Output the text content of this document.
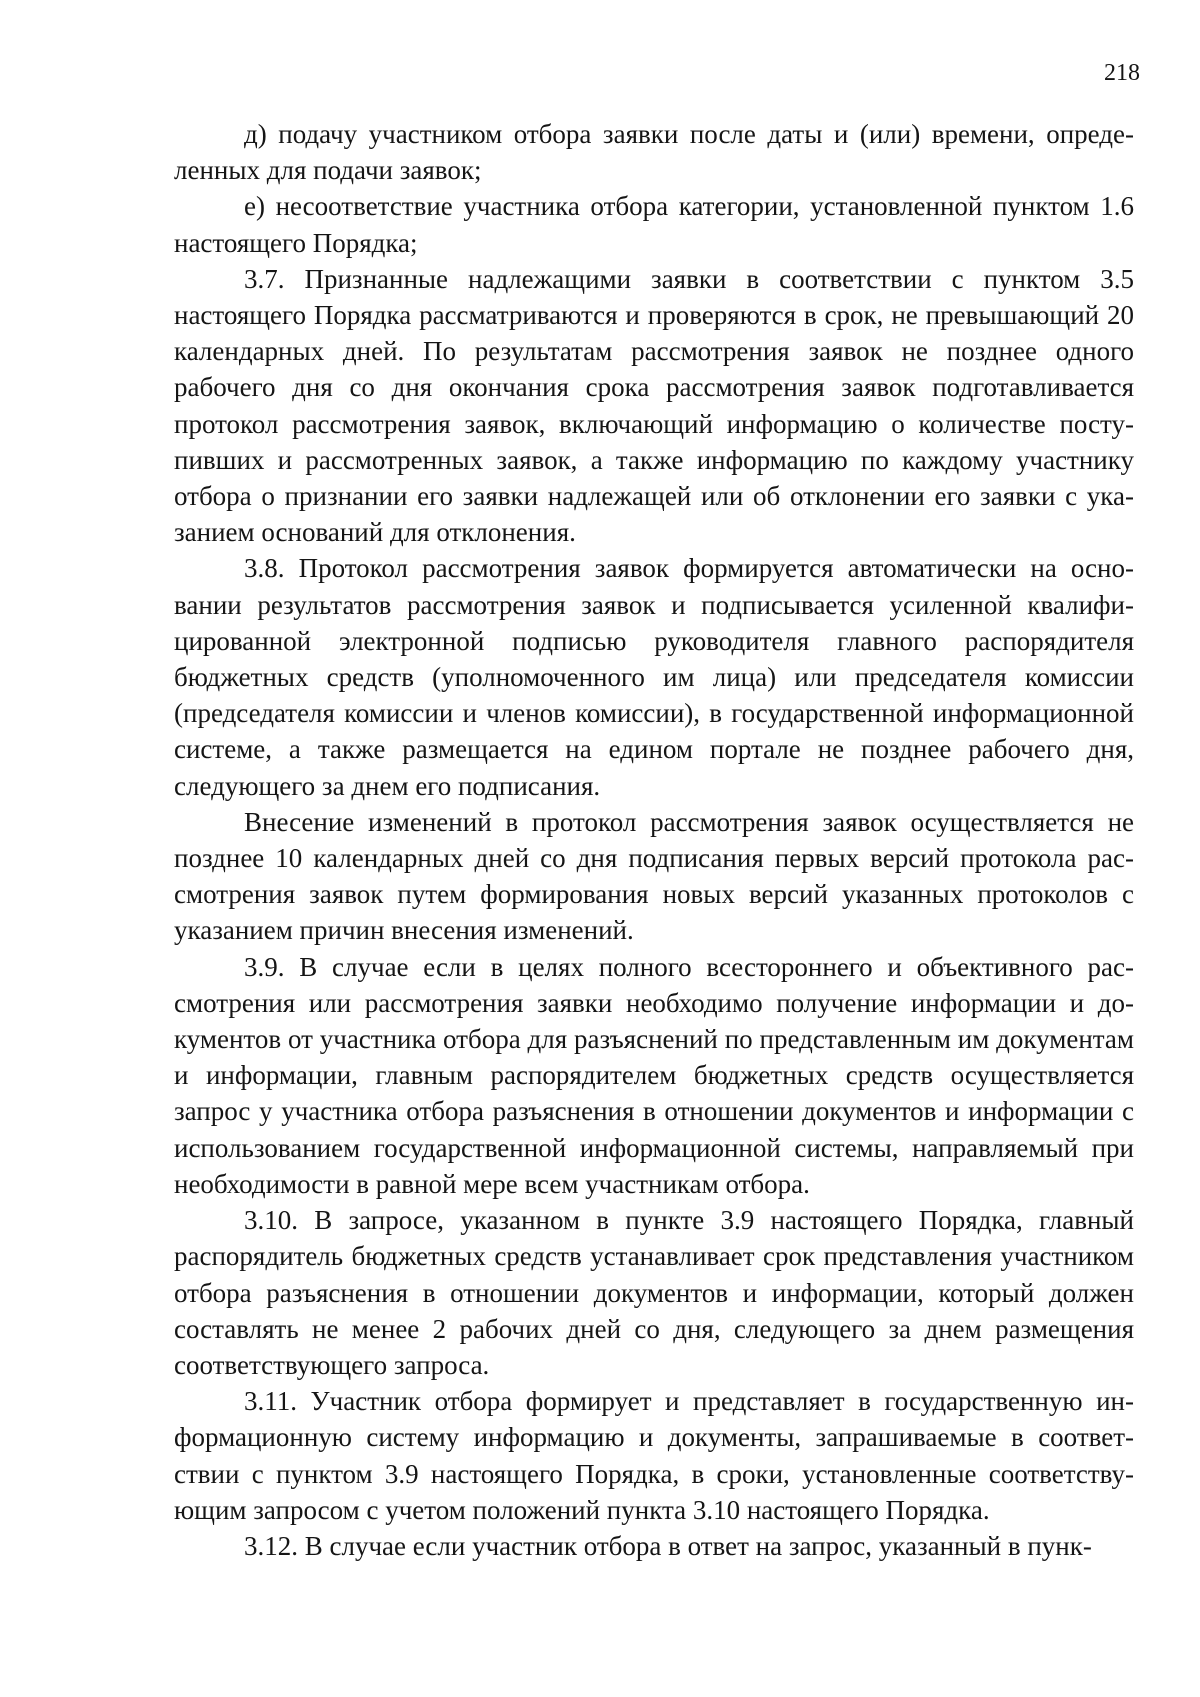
218

д) подачу участником отбора заявки после даты и (или) времени, определенных для подачи заявок;

е) несоответствие участника отбора категории, установленной пунктом 1.6 настоящего Порядка;

3.7. Признанные надлежащими заявки в соответствии с пунктом 3.5 настоящего Порядка рассматриваются и проверяются в срок, не превышающий 20 календарных дней. По результатам рассмотрения заявок не позднее одного рабочего дня со дня окончания срока рассмотрения заявок подготавливается протокол рассмотрения заявок, включающий информацию о количестве поступивших и рассмотренных заявок, а также информацию по каждому участнику отбора о признании его заявки надлежащей или об отклонении его заявки с указанием оснований для отклонения.

3.8. Протокол рассмотрения заявок формируется автоматически на основании результатов рассмотрения заявок и подписывается усиленной квалифицированной электронной подписью руководителя главного распорядителя бюджетных средств (уполномоченного им лица) или председателя комиссии (председателя комиссии и членов комиссии), в государственной информационной системе, а также размещается на едином портале не позднее рабочего дня, следующего за днем его подписания.

Внесение изменений в протокол рассмотрения заявок осуществляется не позднее 10 календарных дней со дня подписания первых версий протокола рассмотрения заявок путем формирования новых версий указанных протоколов с указанием причин внесения изменений.

3.9. В случае если в целях полного всестороннего и объективного рассмотрения или рассмотрения заявки необходимо получение информации и документов от участника отбора для разъяснений по представленным им документам и информации, главным распорядителем бюджетных средств осуществляется запрос у участника отбора разъяснения в отношении документов и информации с использованием государственной информационной системы, направляемый при необходимости в равной мере всем участникам отбора.

3.10. В запросе, указанном в пункте 3.9 настоящего Порядка, главный распорядитель бюджетных средств устанавливает срок представления участником отбора разъяснения в отношении документов и информации, который должен составлять не менее 2 рабочих дней со дня, следующего за днем размещения соответствующего запроса.

3.11. Участник отбора формирует и представляет в государственную информационную систему информацию и документы, запрашиваемые в соответствии с пунктом 3.9 настоящего Порядка, в сроки, установленные соответствующим запросом с учетом положений пункта 3.10 настоящего Порядка.

3.12. В случае если участник отбора в ответ на запрос, указанный в пунк-
